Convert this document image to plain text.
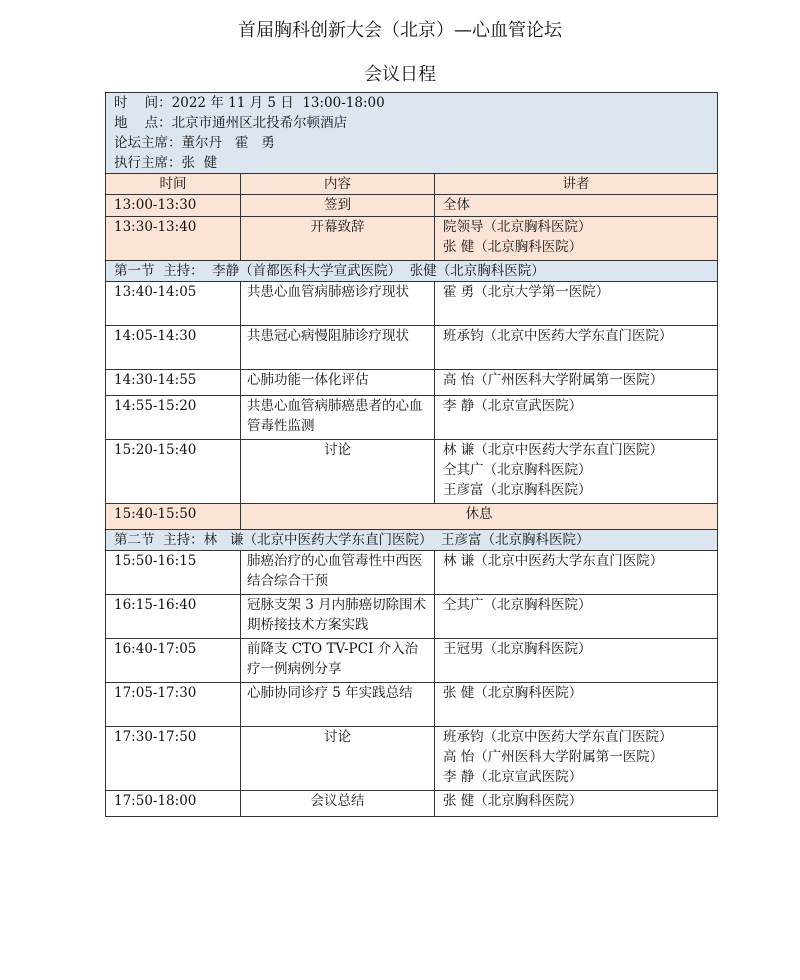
首届胸科创新大会（北京）—心血管论坛
会议日程
时    间：2022 年 11 月 5 日  13:00-18:00
地    点：北京市通州区北投希尔顿酒店
论坛主席：董尔丹   霍   勇
执行主席：张  健		

时间	内容	讲者
13:00-13:30	签到	全体

13:30-13:40	开幕致辞	院领导（北京胸科医院）
张 健（北京胸科医院）

第一节  主持：  李静（首都医科大学宣武医院）  张健（北京胸科医院）		
13:40-14:05	共患心血管病肺癌诊疗现状	霍 勇（北京大学第一医院）

14:05-14:30	共患冠心病慢阻肺诊疗现状	班承钧（北京中医药大学东直门医院）

14:30-14:55	心肺功能一体化评估	高 怡（广州医科大学附属第一医院）

14:55-15:20	共患心血管病肺癌患者的心血管毒性监测	李 静（北京宣武医院）

15:20-15:40	讨论	林 谦（北京中医药大学东直门医院）
仝其广（北京胸科医院）
王彦富（北京胸科医院）

15:40-15:50	休息	
第二节  主持：林   谦（北京中医药大学东直门医院）  王彦富（北京胸科医院）		
15:50-16:15	肺癌治疗的心血管毒性中西医结合综合干预	林 谦（北京中医药大学东直门医院）

16:15-16:40	冠脉支架 3 月内肺癌切除围术期桥接技术方案实践	仝其广（北京胸科医院）

16:40-17:05	前降支 CTO TV-PCI 介入治疗一例病例分享	王冠男（北京胸科医院）

17:05-17:30	心肺协同诊疗 5 年实践总结	张 健（北京胸科医院）

17:30-17:50	讨论	班承钧（北京中医药大学东直门医院）
高 怡（广州医科大学附属第一医院）
李 静（北京宣武医院）

17:50-18:00	会议总结	张 健（北京胸科医院）
